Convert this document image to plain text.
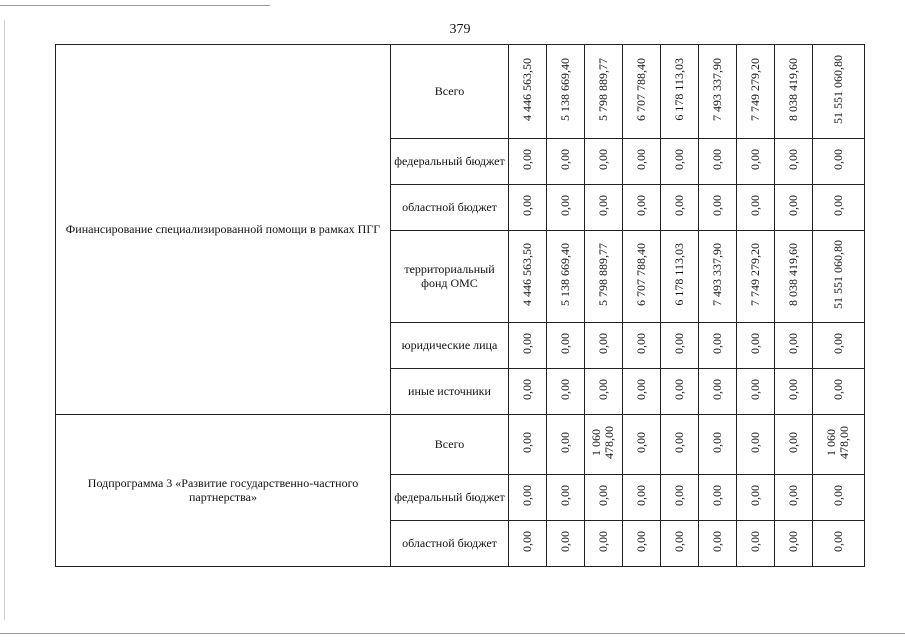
379
Финансирование специализированной помощи в рамках ПГГ	Всего	4 446 563,50	5 138 669,40	5 798 889,77	6 707 788,40	6 178 113,03	7 493 337,90	7 749 279,20	8 038 419,60	51 551 060,80
	федеральный бюджет	0,00	0,00	0,00	0,00	0,00	0,00	0,00	0,00	0,00
	областной бюджет	0,00	0,00	0,00	0,00	0,00	0,00	0,00	0,00	0,00
	территориальный фонд ОМС	4 446 563,50	5 138 669,40	5 798 889,77	6 707 788,40	6 178 113,03	7 493 337,90	7 749 279,20	8 038 419,60	51 551 060,80
	юридические лица	0,00	0,00	0,00	0,00	0,00	0,00	0,00	0,00	0,00
	иные источники	0,00	0,00	0,00	0,00	0,00	0,00	0,00	0,00	0,00
Подпрограмма 3 «Развитие государственно-частного партнерства»	Всего	0,00	0,00	1 060 478,00	0,00	0,00	0,00	0,00	0,00	1 060 478,00
	федеральный бюджет	0,00	0,00	0,00	0,00	0,00	0,00	0,00	0,00	0,00
	областной бюджет	0,00	0,00	0,00	0,00	0,00	0,00	0,00	0,00	0,00
